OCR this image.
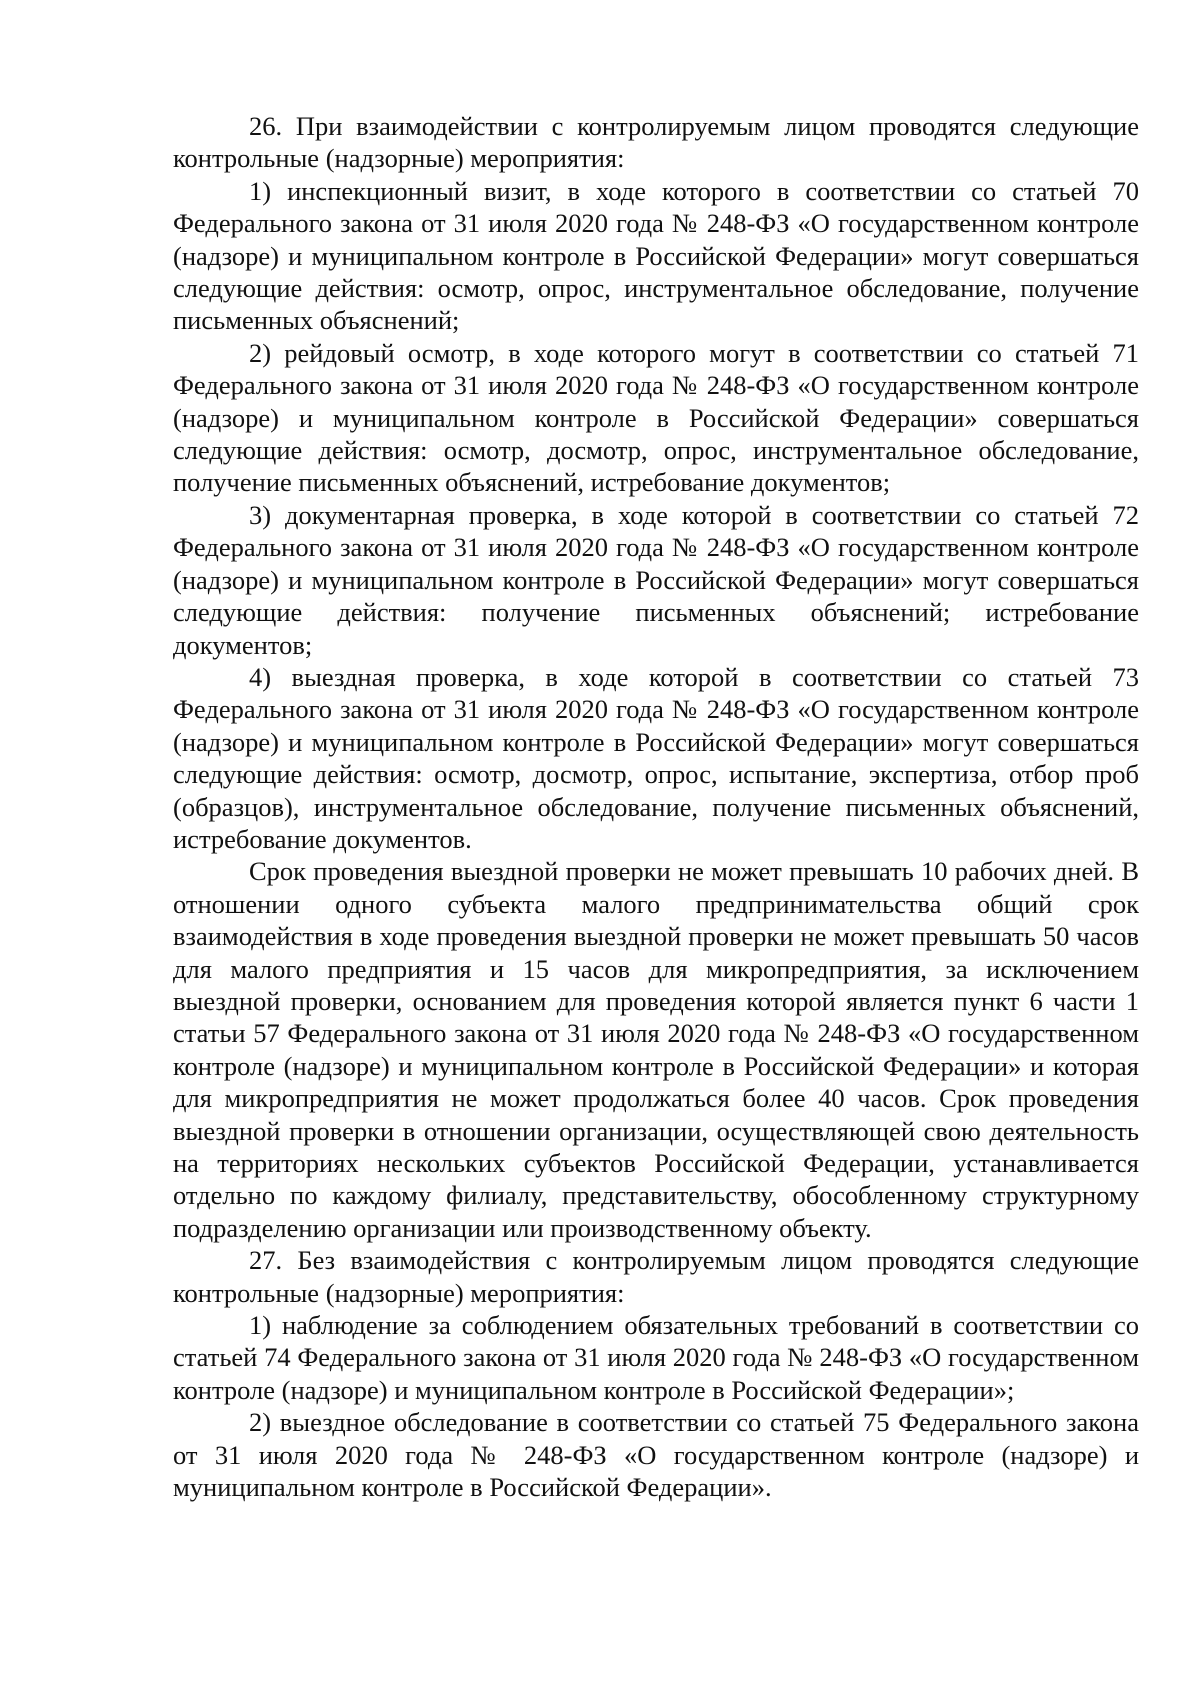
26. При взаимодействии с контролируемым лицом проводятся следующие контрольные (надзорные) мероприятия:

1) инспекционный визит, в ходе которого в соответствии со статьей 70 Федерального закона от 31 июля 2020 года № 248-ФЗ «О государственном контроле (надзоре) и муниципальном контроле в Российской Федерации» могут совершаться следующие действия: осмотр, опрос, инструментальное обследование, получение письменных объяснений;

2) рейдовый осмотр, в ходе которого могут в соответствии со статьей 71 Федерального закона от 31 июля 2020 года № 248-ФЗ «О государственном контроле (надзоре) и муниципальном контроле в Российской Федерации» совершаться следующие действия: осмотр, досмотр, опрос, инструментальное обследование, получение письменных объяснений, истребование документов;

3) документарная проверка, в ходе которой в соответствии со статьей 72 Федерального закона от 31 июля 2020 года № 248-ФЗ «О государственном контроле (надзоре) и муниципальном контроле в Российской Федерации» могут совершаться следующие действия: получение письменных объяснений; истребование документов;

4) выездная проверка, в ходе которой в соответствии со статьей 73 Федерального закона от 31 июля 2020 года № 248-ФЗ «О государственном контроле (надзоре) и муниципальном контроле в Российской Федерации» могут совершаться следующие действия: осмотр, досмотр, опрос, испытание, экспертиза, отбор проб (образцов), инструментальное обследование, получение письменных объяснений, истребование документов.

Срок проведения выездной проверки не может превышать 10 рабочих дней. В отношении одного субъекта малого предпринимательства общий срок взаимодействия в ходе проведения выездной проверки не может превышать 50 часов для малого предприятия и 15 часов для микропредприятия, за исключением выездной проверки, основанием для проведения которой является пункт 6 части 1 статьи 57 Федерального закона от 31 июля 2020 года № 248-ФЗ «О государственном контроле (надзоре) и муниципальном контроле в Российской Федерации» и которая для микропредприятия не может продолжаться более 40 часов. Срок проведения выездной проверки в отношении организации, осуществляющей свою деятельность на территориях нескольких субъектов Российской Федерации, устанавливается отдельно по каждому филиалу, представительству, обособленному структурному подразделению организации или производственному объекту.

27. Без взаимодействия с контролируемым лицом проводятся следующие контрольные (надзорные) мероприятия:

1) наблюдение за соблюдением обязательных требований в соответствии со статьей 74 Федерального закона от 31 июля 2020 года № 248-ФЗ «О государственном контроле (надзоре) и муниципальном контроле в Российской Федерации»;

2) выездное обследование в соответствии со статьей 75 Федерального закона от 31 июля 2020 года № 248-ФЗ «О государственном контроле (надзоре) и муниципальном контроле в Российской Федерации».
